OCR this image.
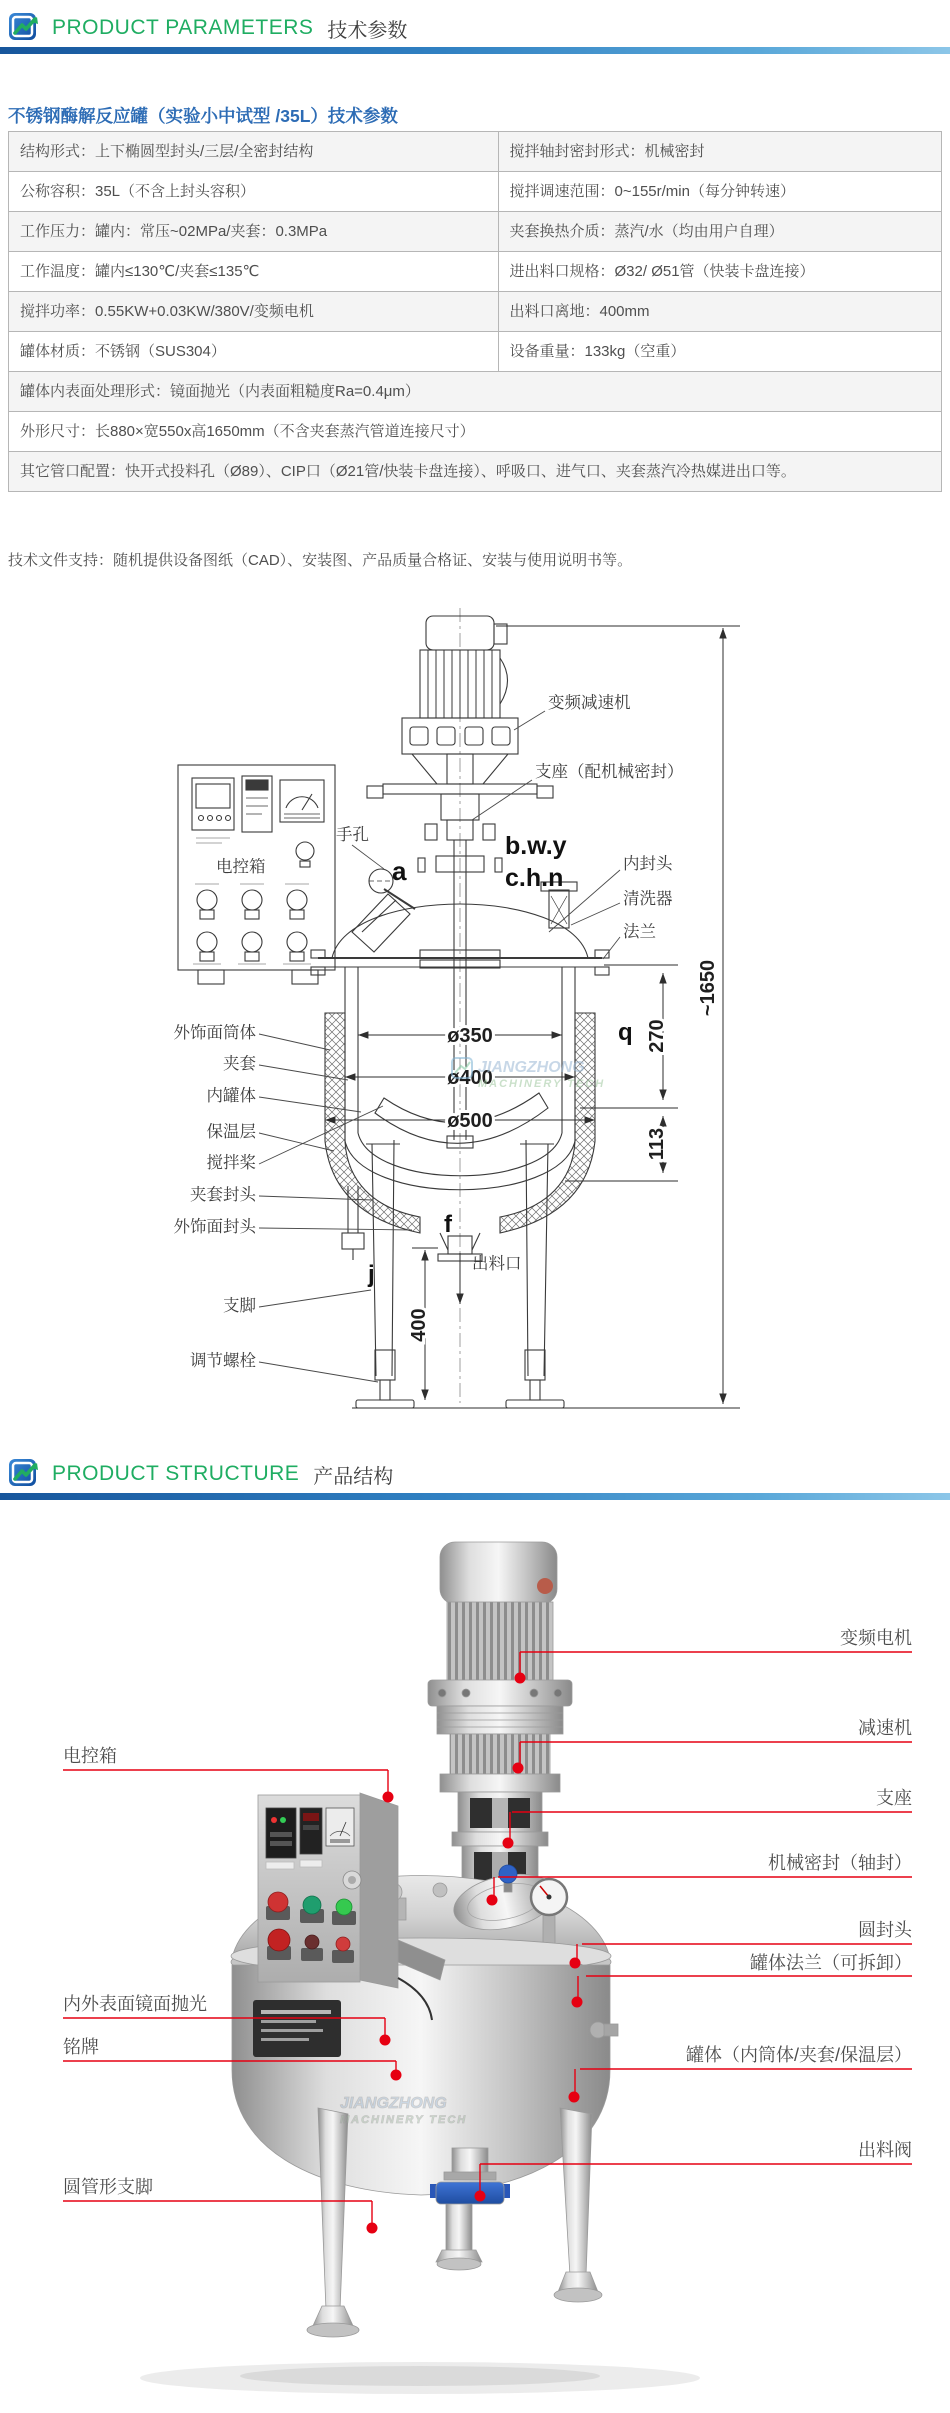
PRODUCT PARAMETERS 技术参数
不锈钢酶解反应罐（实验小中试型 /35L）技术参数
结构形式：上下椭圆型封头/三层/全密封结构	搅拌轴封密封形式：机械密封
公称容积：35L（不含上封头容积）	搅拌调速范围：0~155r/min（每分钟转速）
工作压力：罐内：常压~02MPa/夹套：0.3MPa	夹套换热介质：蒸汽/水（均由用户自理）
工作温度：罐内≤130℃/夹套≤135℃	进出料口规格：Ø32/ Ø51管（快装卡盘连接）
搅拌功率：0.55KW+0.03KW/380V/变频电机	出料口离地：400mm
罐体材质：不锈钢（SUS304）	设备重量：133kg（空重）
罐体内表面处理形式：镜面抛光（内表面粗糙度Ra=0.4μm）	
外形尺寸：长880×宽550x高1650mm（不含夹套蒸汽管道连接尺寸）	
其它管口配置：快开式投料孔（Ø89）、CIP口（Ø21管/快装卡盘连接）、呼吸口、进气口、夹套蒸汽冷热媒进出口等。	
技术文件支持：随机提供设备图纸（CAD）、安装图、产品质量合格证、安装与使用说明书等。
~1650
270
113
400
ø350
ø400
ø500
a
b.w.y
c.h.n
q
f
j
手孔
电控箱
外饰面筒体
夹套
内罐体
保温层
搅拌桨
夹套封头
外饰面封头
支脚
调节螺栓
变频减速机
支座（配机械密封）
内封头
清洗器
法兰
出料口
JIANGZHONG
MACHINERY TECH
PRODUCT STRUCTURE 产品结构
JIANGZHONG
MACHINERY TECH
电控箱
内外表面镜面抛光
铭牌
圆管形支脚
变频电机
减速机
支座
机械密封（轴封）
圆封头
罐体法兰（可拆卸）
罐体（内筒体/夹套/保温层）
出料阀
